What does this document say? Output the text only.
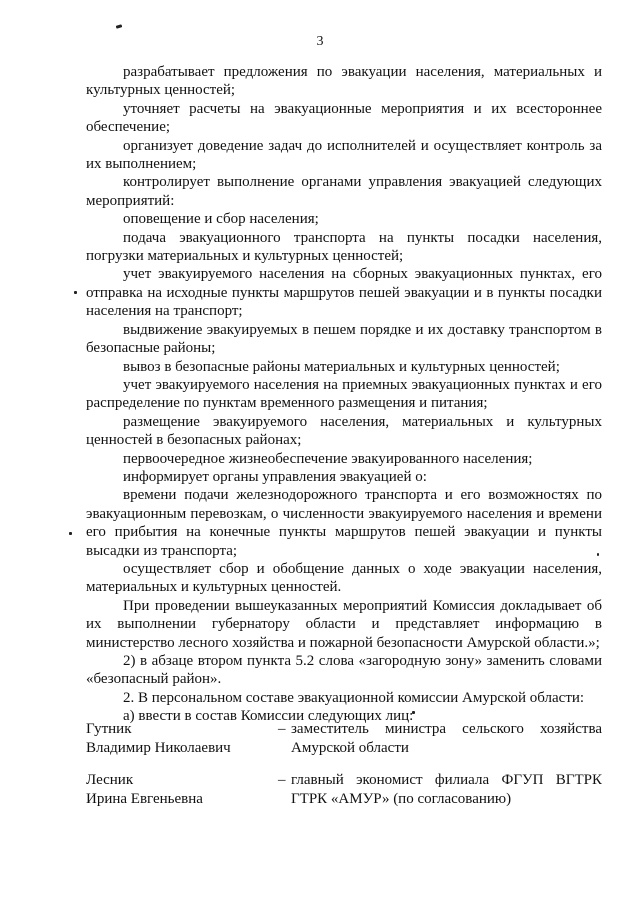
3

разрабатывает предложения по эвакуации населения, материальных и культурных ценностей;

уточняет расчеты на эвакуационные мероприятия и их всестороннее обеспечение;

организует доведение задач до исполнителей и осуществляет контроль за их выполнением;

контролирует выполнение органами управления эвакуацией следующих мероприятий:

оповещение и сбор населения;

подача эвакуационного транспорта на пункты посадки населения, погрузки материальных и культурных ценностей;

учет эвакуируемого населения на сборных эвакуационных пунктах, его отправка на исходные пункты маршрутов пешей эвакуации и в пункты посадки населения на транспорт;

выдвижение эвакуируемых в пешем порядке и их доставку транспортом в безопасные районы;

вывоз в безопасные районы материальных и культурных ценностей;

учет эвакуируемого населения на приемных эвакуационных пунктах и его распределение по пунктам временного размещения и питания;

размещение эвакуируемого населения, материальных и культурных ценностей в безопасных районах;

первоочередное жизнеобеспечение эвакуированного населения;

информирует органы управления эвакуацией о:

времени подачи железнодорожного транспорта и его возможностях по эвакуационным перевозкам, о численности эвакуируемого населения и времени его прибытия на конечные пункты маршрутов пешей эвакуации и пункты высадки из транспорта;

осуществляет сбор и обобщение данных о ходе эвакуации населения, материальных и культурных ценностей.

При проведении вышеуказанных мероприятий Комиссия докладывает об их выполнении губернатору области и представляет информацию в министерство лесного хозяйства и пожарной безопасности Амурской области.»;

2) в абзаце втором пункта 5.2 слова «загородную зону» заменить словами «безопасный район».

2. В персональном составе эвакуационной комиссии Амурской области:

а) ввести в состав Комиссии следующих лиц:

Гутник
Владимир Николаевич
– заместитель министра сельского хозяйства Амурской области
Лесник
Ирина Евгеньевна
– главный экономист филиала ФГУП ВГТРК ГТРК «АМУР» (по согласованию)
